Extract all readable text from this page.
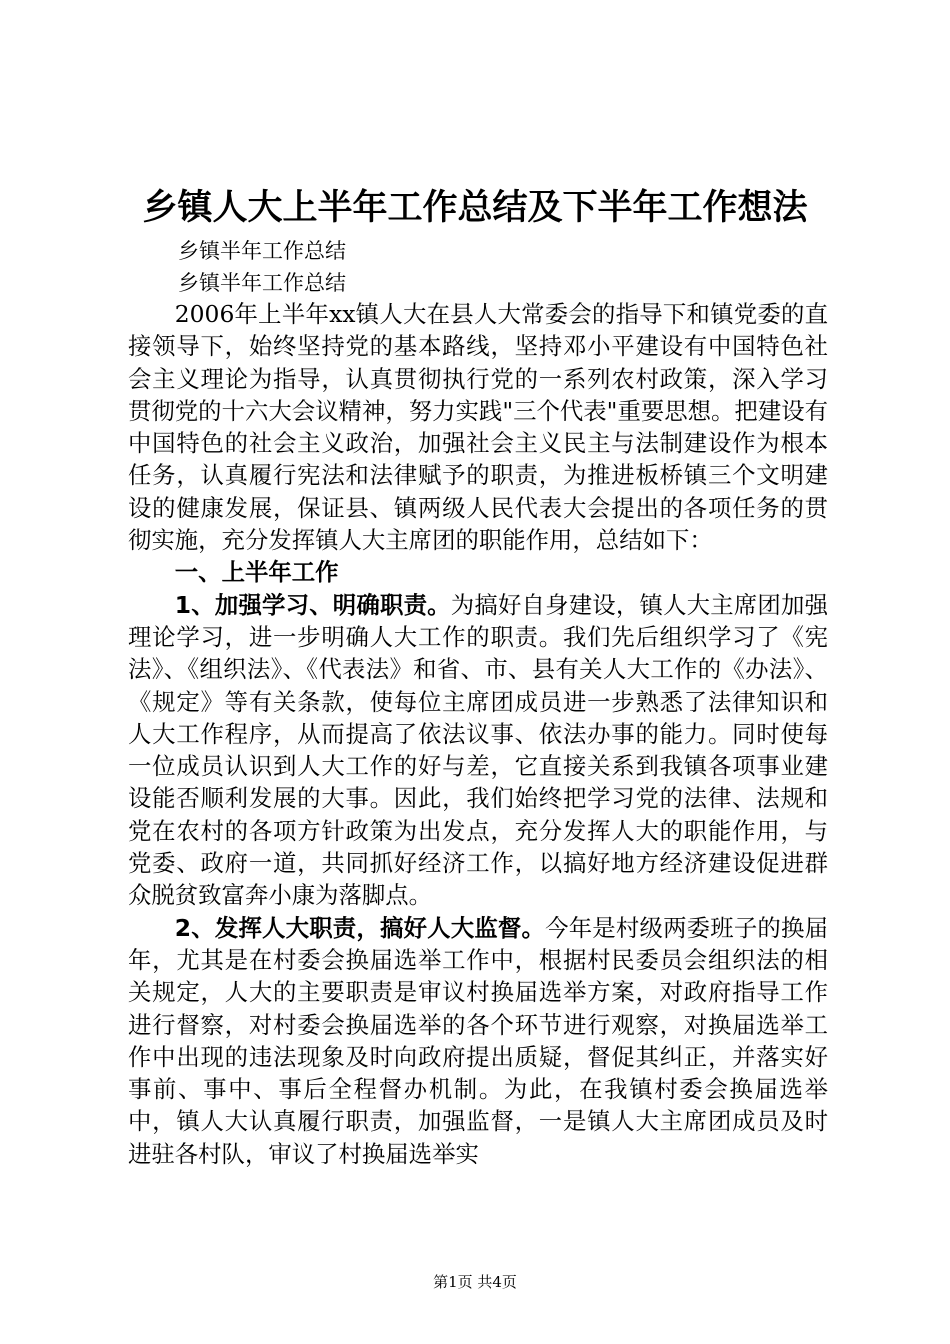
乡镇人大上半年工作总结及下半年工作想法
乡镇半年工作总结
乡镇半年工作总结

2006年上半年xx镇人大在县人大常委会的指导下和镇党委的直接领导下，始终坚持党的基本路线，坚持邓小平建设有中国特色社会主义理论为指导，认真贯彻执行党的一系列农村政策，深入学习贯彻党的十六大会议精神，努力实践"三个代表"重要思想。把建设有中国特色的社会主义政治，加强社会主义民主与法制建设作为根本任务，认真履行宪法和法律赋予的职责，为推进板桥镇三个文明建设的健康发展，保证县、镇两级人民代表大会提出的各项任务的贯彻实施，充分发挥镇人大主席团的职能作用，总结如下：

一、上半年工作

1、加强学习、明确职责。为搞好自身建设，镇人大主席团加强理论学习，进一步明确人大工作的职责。我们先后组织学习了《宪法》、《组织法》、《代表法》和省、市、县有关人大工作的《办法》、《规定》等有关条款，使每位主席团成员进一步熟悉了法律知识和人大工作程序，从而提高了依法议事、依法办事的能力。同时使每一位成员认识到人大工作的好与差，它直接关系到我镇各项事业建设能否顺利发展的大事。因此，我们始终把学习党的法律、法规和党在农村的各项方针政策为出发点，充分发挥人大的职能作用，与党委、政府一道，共同抓好经济工作，以搞好地方经济建设促进群众脱贫致富奔小康为落脚点。

2、发挥人大职责，搞好人大监督。今年是村级两委班子的换届年，尤其是在村委会换届选举工作中，根据村民委员会组织法的相关规定，人大的主要职责是审议村换届选举方案，对政府指导工作进行督察，对村委会换届选举的各个环节进行观察，对换届选举工作中出现的违法现象及时向政府提出质疑，督促其纠正，并落实好事前、事中、事后全程督办机制。为此，在我镇村委会换届选举中，镇人大认真履行职责，加强监督，一是镇人大主席团成员及时进驻各村队，审议了村换届选举实

第1页 共4页
